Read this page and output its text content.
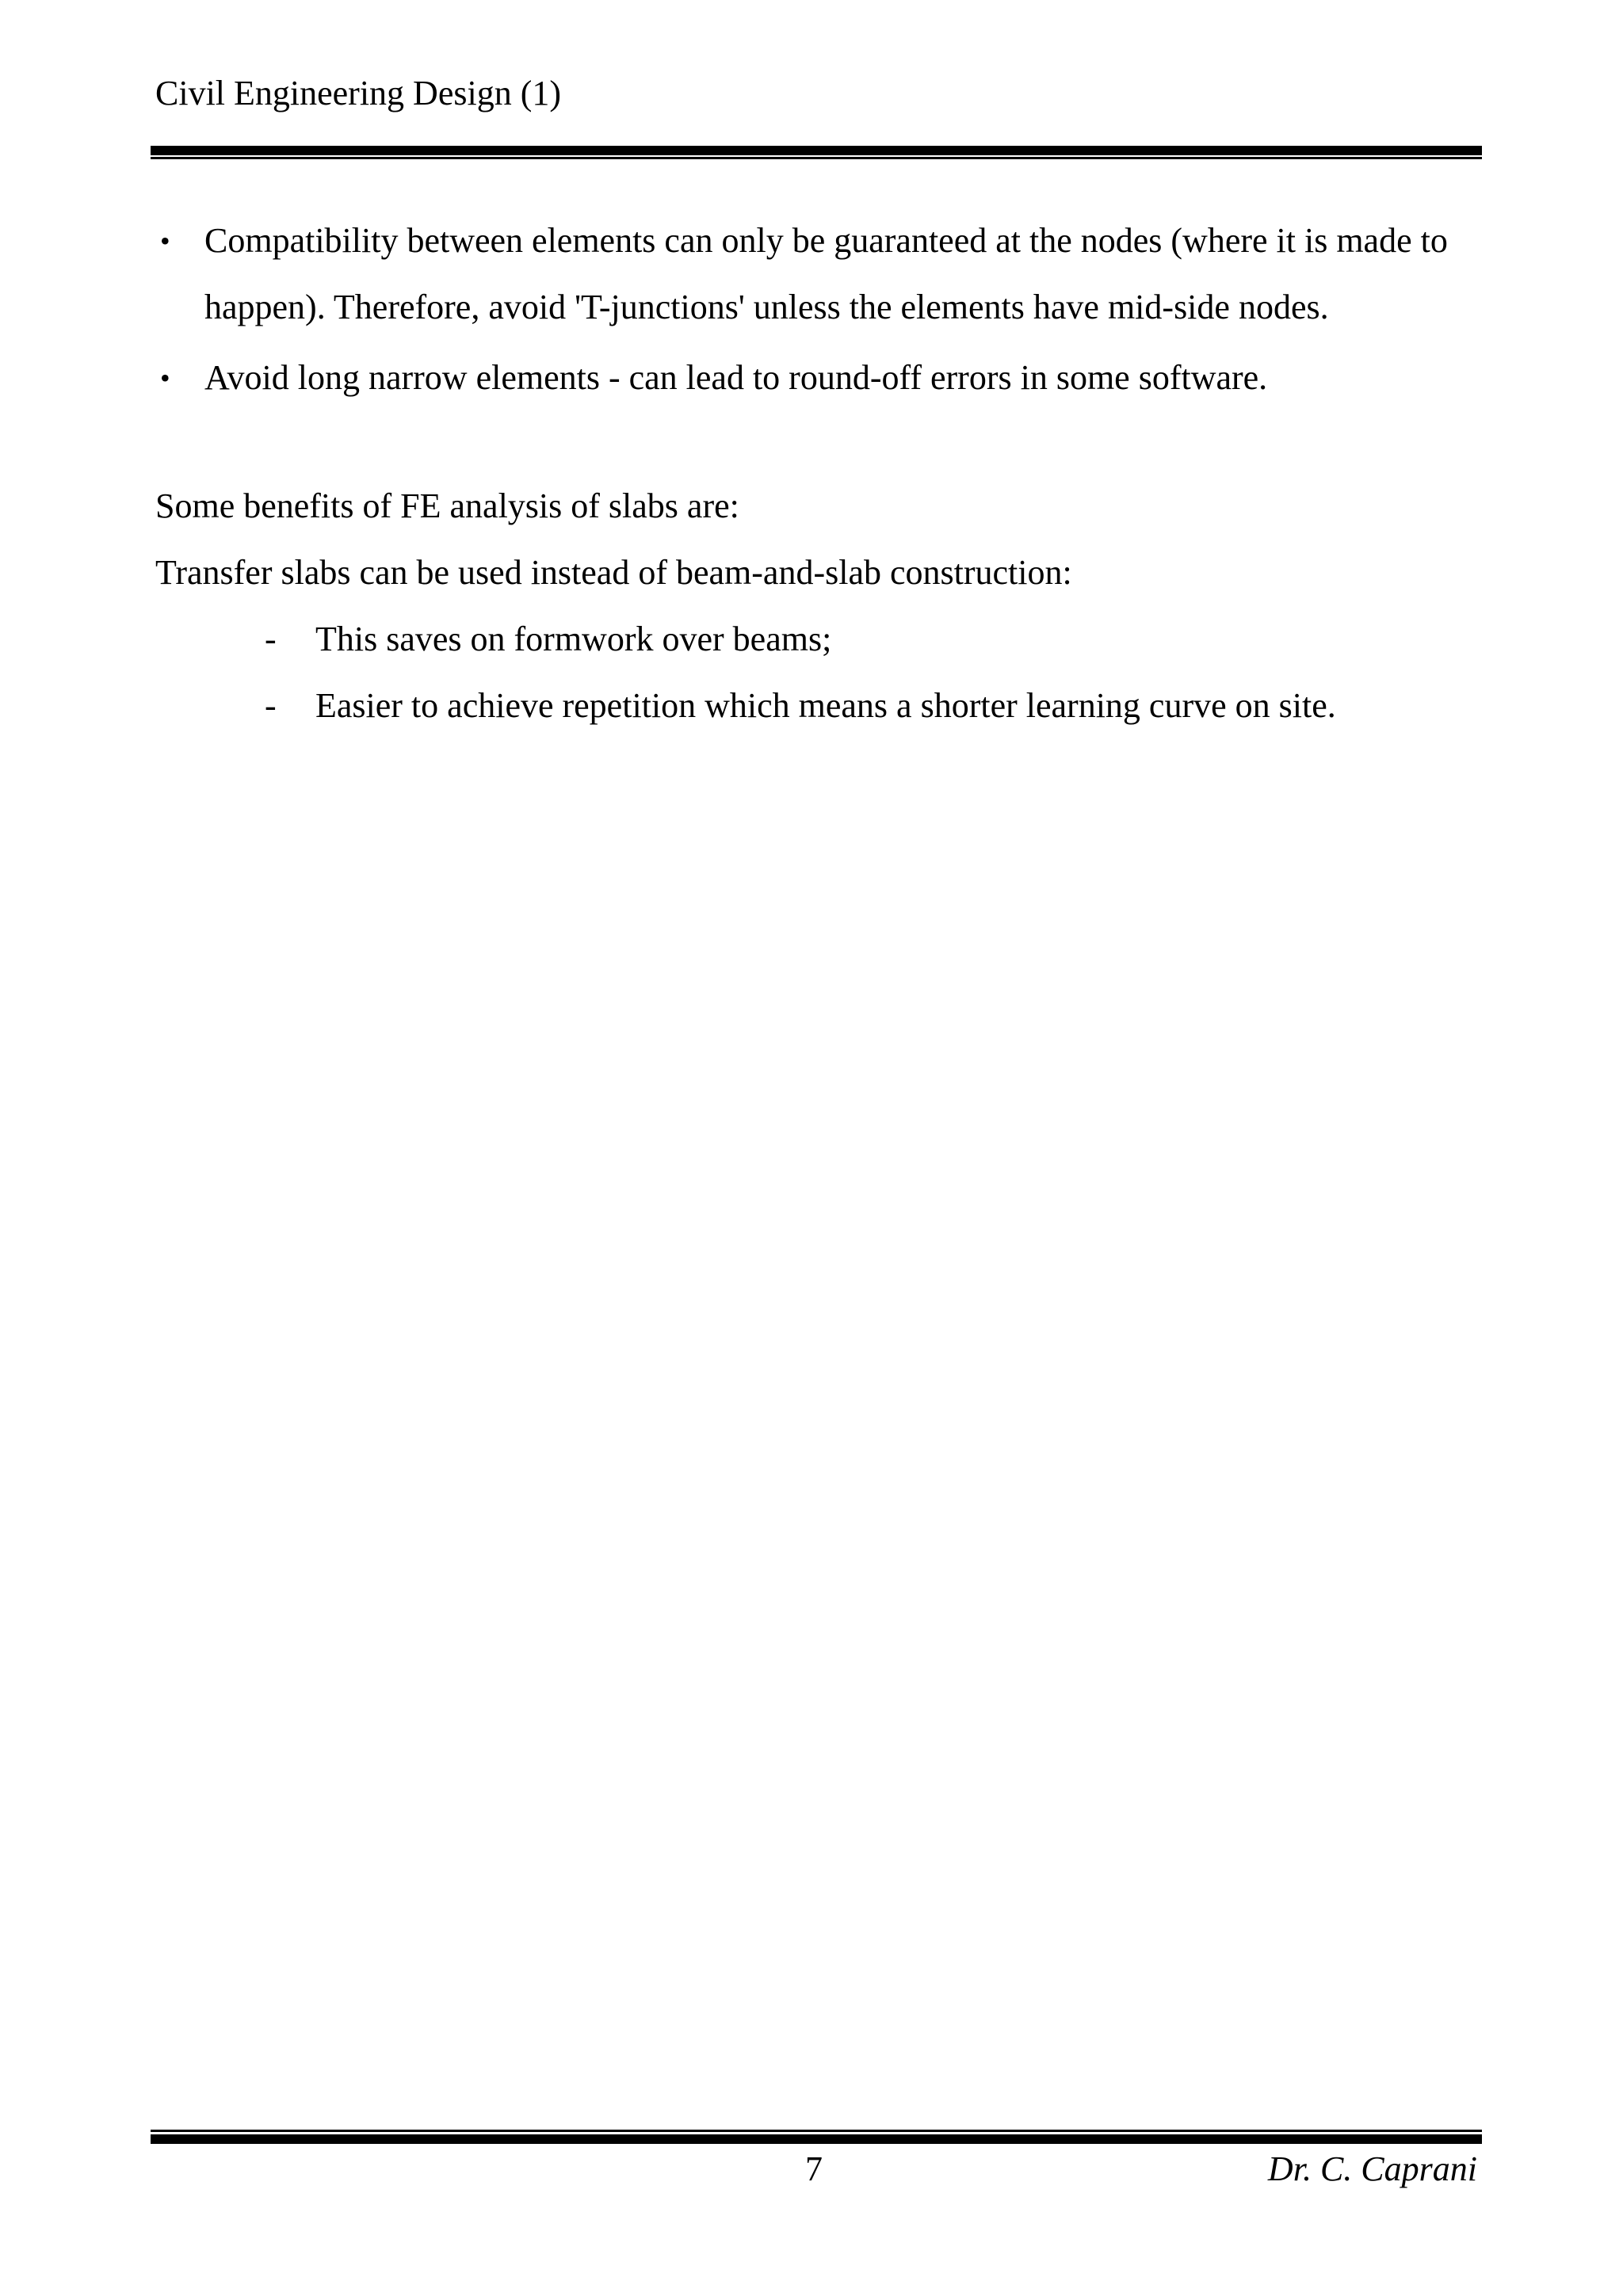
Civil Engineering Design (1)
• Compatibility between elements can only be guaranteed at the nodes (where it is made to happen). Therefore, avoid 'T-junctions' unless the elements have mid-side nodes.
• Avoid long narrow elements - can lead to round-off errors in some software.

Some benefits of FE analysis of slabs are:

Transfer slabs can be used instead of beam-and-slab construction:

- This saves on formwork over beams;
- Easier to achieve repetition which means a shorter learning curve on site.
7	Dr. C. Caprani
